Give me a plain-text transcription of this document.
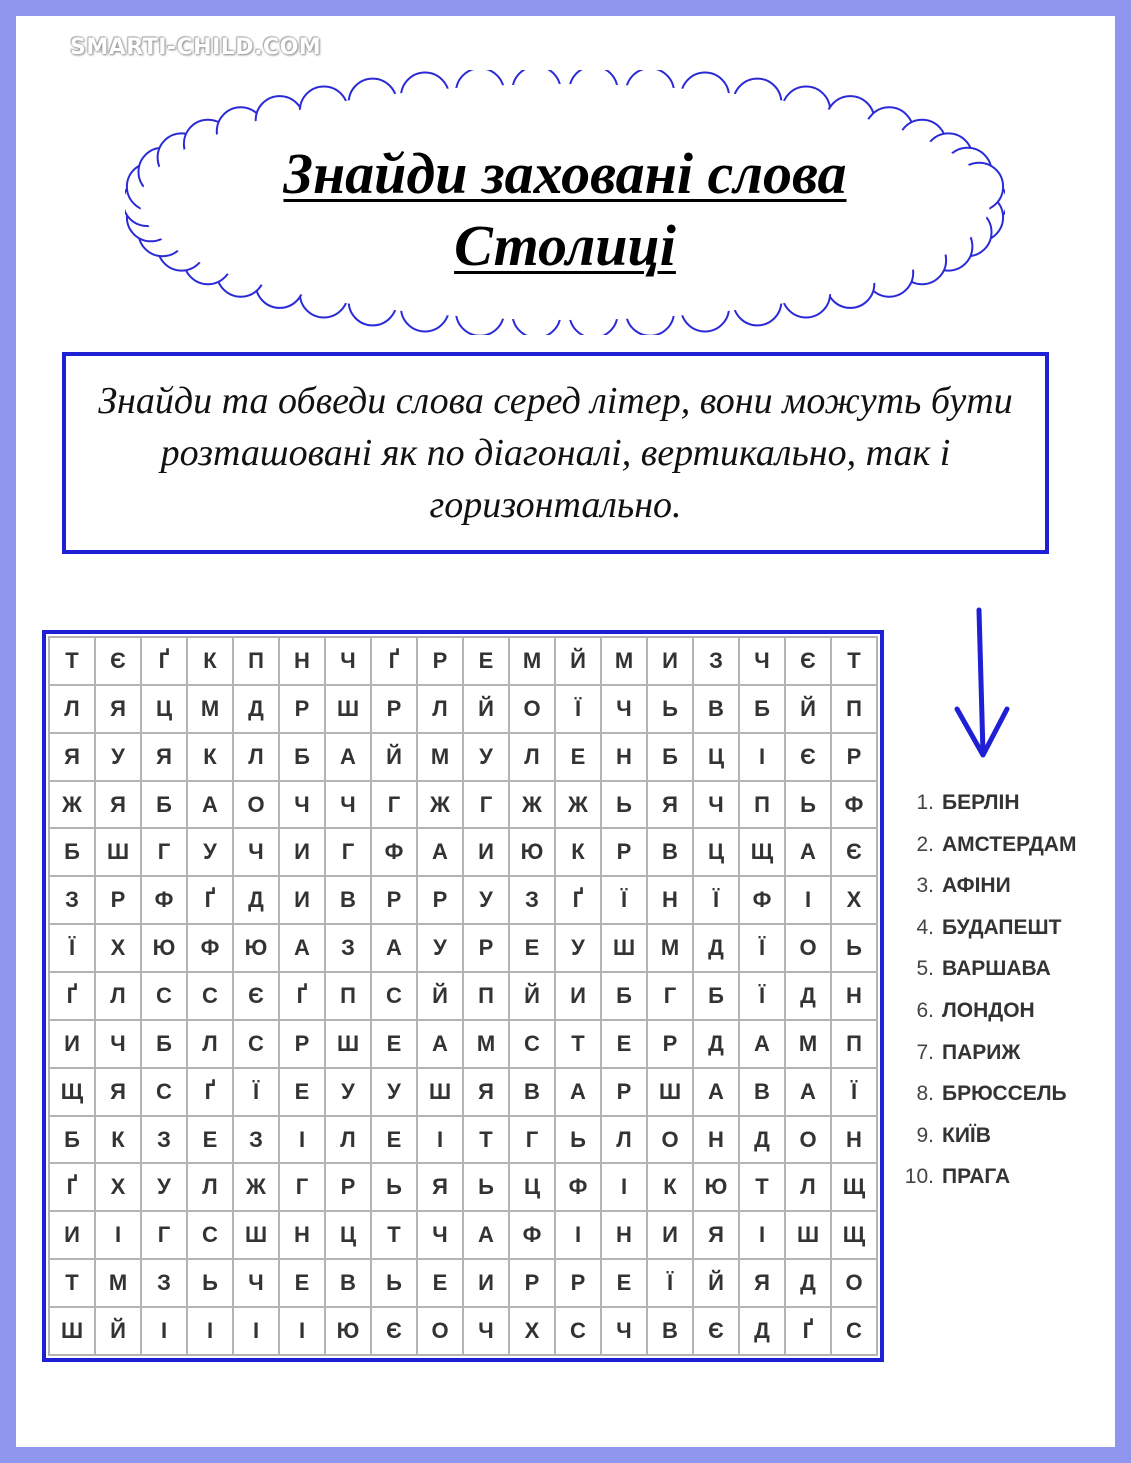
SMARTI-CHILD.COM
Знайди заховані слова
Столиці
Знайди та обведи слова серед літер, вони можуть бути розташовані як по діагоналі, вертикально, так і горизонтально.
Т	Є	Ґ	К	П	Н	Ч	Ґ	Р	Е	М	Й	М	И	З	Ч	Є	Т
Л	Я	Ц	М	Д	Р	Ш	Р	Л	Й	О	Ї	Ч	Ь	В	Б	Й	П
Я	У	Я	К	Л	Б	А	Й	М	У	Л	Е	Н	Б	Ц	І	Є	Р
Ж	Я	Б	А	О	Ч	Ч	Г	Ж	Г	Ж	Ж	Ь	Я	Ч	П	Ь	Ф
Б	Ш	Г	У	Ч	И	Г	Ф	А	И	Ю	К	Р	В	Ц	Щ	А	Є
З	Р	Ф	Ґ	Д	И	В	Р	Р	У	З	Ґ	Ї	Н	Ї	Ф	І	Х
Ї	Х	Ю	Ф	Ю	А	З	А	У	Р	Е	У	Ш	М	Д	Ї	О	Ь
Ґ	Л	С	С	Є	Ґ	П	С	Й	П	Й	И	Б	Г	Б	Ї	Д	Н
И	Ч	Б	Л	С	Р	Ш	Е	А	М	С	Т	Е	Р	Д	А	М	П
Щ	Я	С	Ґ	Ї	Е	У	У	Ш	Я	В	А	Р	Ш	А	В	А	Ї
Б	К	З	Е	З	І	Л	Е	І	Т	Г	Ь	Л	О	Н	Д	О	Н
Ґ	Х	У	Л	Ж	Г	Р	Ь	Я	Ь	Ц	Ф	І	К	Ю	Т	Л	Щ
И	І	Г	С	Ш	Н	Ц	Т	Ч	А	Ф	І	Н	И	Я	І	Ш	Щ
Т	М	З	Ь	Ч	Е	В	Ь	Е	И	Р	Р	Е	Ї	Й	Я	Д	О
Ш	Й	І	І	І	І	Ю	Є	О	Ч	Х	С	Ч	В	Є	Д	Ґ	С
1. БЕРЛІН
2. АМСТЕРДАМ
3. АФІНИ
4. БУДАПЕШТ
5. ВАРШАВА
6. ЛОНДОН
7. ПАРИЖ
8. БРЮССЕЛЬ
9. КИЇВ
10. ПРАГА
